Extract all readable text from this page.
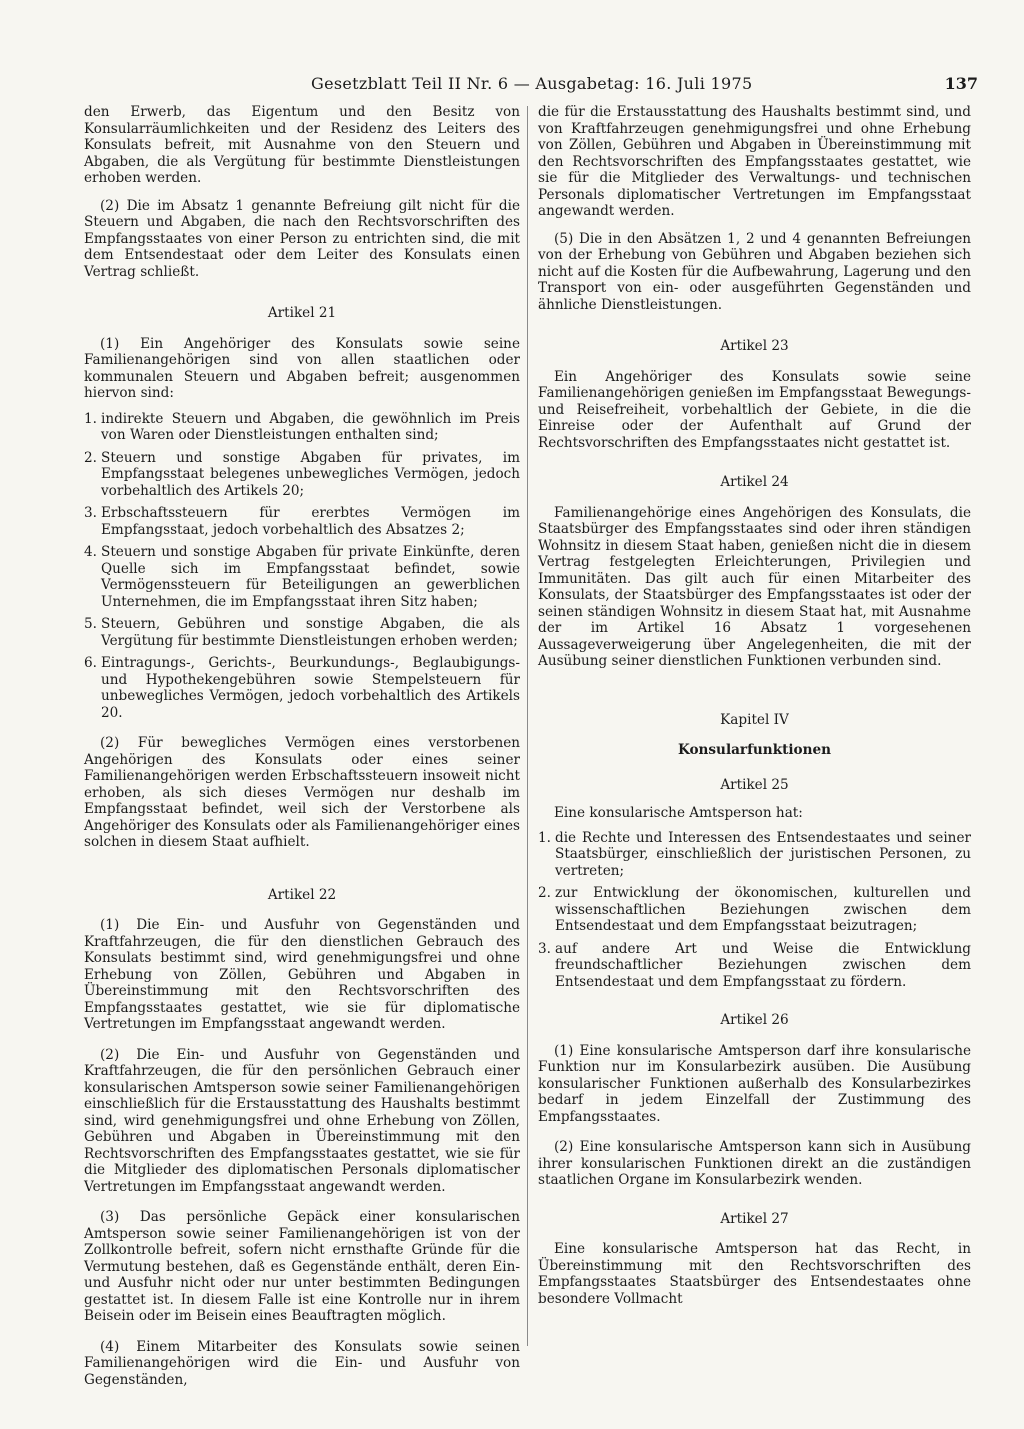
Gesetzblatt Teil II Nr. 6 — Ausgabetag: 16. Juli 1975	137

den Erwerb, das Eigentum und den Besitz von Konsularräumlichkeiten und der Residenz des Leiters des Konsulats befreit, mit Ausnahme von den Steuern und Abgaben, die als Vergütung für bestimmte Dienstleistungen erhoben werden.

(2) Die im Absatz 1 genannte Befreiung gilt nicht für die Steuern und Abgaben, die nach den Rechtsvorschriften des Empfangsstaates von einer Person zu entrichten sind, die mit dem Entsendestaat oder dem Leiter des Konsulats einen Vertrag schließt.

Artikel 21

(1) Ein Angehöriger des Konsulats sowie seine Familienangehörigen sind von allen staatlichen oder kommunalen Steuern und Abgaben befreit; ausgenommen hiervon sind:

1. indirekte Steuern und Abgaben, die gewöhnlich im Preis von Waren oder Dienstleistungen enthalten sind;
2. Steuern und sonstige Abgaben für privates, im Empfangsstaat belegenes unbewegliches Vermögen, jedoch vorbehaltlich des Artikels 20;
3. Erbschaftssteuern für ererbtes Vermögen im Empfangsstaat, jedoch vorbehaltlich des Absatzes 2;
4. Steuern und sonstige Abgaben für private Einkünfte, deren Quelle sich im Empfangsstaat befindet, sowie Vermögenssteuern für Beteiligungen an gewerblichen Unternehmen, die im Empfangsstaat ihren Sitz haben;
5. Steuern, Gebühren und sonstige Abgaben, die als Vergütung für bestimmte Dienstleistungen erhoben werden;
6. Eintragungs-, Gerichts-, Beurkundungs-, Beglaubigungs- und Hypothekengebühren sowie Stempelsteuern für unbewegliches Vermögen, jedoch vorbehaltlich des Artikels 20.

(2) Für bewegliches Vermögen eines verstorbenen Angehörigen des Konsulats oder eines seiner Familienangehörigen werden Erbschaftssteuern insoweit nicht erhoben, als sich dieses Vermögen nur deshalb im Empfangsstaat befindet, weil sich der Verstorbene als Angehöriger des Konsulats oder als Familienangehöriger eines solchen in diesem Staat aufhielt.

Artikel 22

(1) Die Ein- und Ausfuhr von Gegenständen und Kraftfahrzeugen, die für den dienstlichen Gebrauch des Konsulats bestimmt sind, wird genehmigungsfrei und ohne Erhebung von Zöllen, Gebühren und Abgaben in Übereinstimmung mit den Rechtsvorschriften des Empfangsstaates gestattet, wie sie für diplomatische Vertretungen im Empfangsstaat angewandt werden.

(2) Die Ein- und Ausfuhr von Gegenständen und Kraftfahrzeugen, die für den persönlichen Gebrauch einer konsularischen Amtsperson sowie seiner Familienangehörigen einschließlich für die Erstausstattung des Haushalts bestimmt sind, wird genehmigungsfrei und ohne Erhebung von Zöllen, Gebühren und Abgaben in Übereinstimmung mit den Rechtsvorschriften des Empfangsstaates gestattet, wie sie für die Mitglieder des diplomatischen Personals diplomatischer Vertretungen im Empfangsstaat angewandt werden.

(3) Das persönliche Gepäck einer konsularischen Amtsperson sowie seiner Familienangehörigen ist von der Zollkontrolle befreit, sofern nicht ernsthafte Gründe für die Vermutung bestehen, daß es Gegenstände enthält, deren Ein- und Ausfuhr nicht oder nur unter bestimmten Bedingungen gestattet ist. In diesem Falle ist eine Kontrolle nur in ihrem Beisein oder im Beisein eines Beauftragten möglich.

(4) Einem Mitarbeiter des Konsulats sowie seinen Familienangehörigen wird die Ein- und Ausfuhr von Gegenständen,

die für die Erstausstattung des Haushalts bestimmt sind, und von Kraftfahrzeugen genehmigungsfrei und ohne Erhebung von Zöllen, Gebühren und Abgaben in Übereinstimmung mit den Rechtsvorschriften des Empfangsstaates gestattet, wie sie für die Mitglieder des Verwaltungs- und technischen Personals diplomatischer Vertretungen im Empfangsstaat angewandt werden.

(5) Die in den Absätzen 1, 2 und 4 genannten Befreiungen von der Erhebung von Gebühren und Abgaben beziehen sich nicht auf die Kosten für die Aufbewahrung, Lagerung und den Transport von ein- oder ausgeführten Gegenständen und ähnliche Dienstleistungen.

Artikel 23

Ein Angehöriger des Konsulats sowie seine Familienangehörigen genießen im Empfangsstaat Bewegungs- und Reisefreiheit, vorbehaltlich der Gebiete, in die die Einreise oder der Aufenthalt auf Grund der Rechtsvorschriften des Empfangsstaates nicht gestattet ist.

Artikel 24

Familienangehörige eines Angehörigen des Konsulats, die Staatsbürger des Empfangsstaates sind oder ihren ständigen Wohnsitz in diesem Staat haben, genießen nicht die in diesem Vertrag festgelegten Erleichterungen, Privilegien und Immunitäten. Das gilt auch für einen Mitarbeiter des Konsulats, der Staatsbürger des Empfangsstaates ist oder der seinen ständigen Wohnsitz in diesem Staat hat, mit Ausnahme der im Artikel 16 Absatz 1 vorgesehenen Aussageverweigerung über Angelegenheiten, die mit der Ausübung seiner dienstlichen Funktionen verbunden sind.

Kapitel IV

Konsularfunktionen

Artikel 25

Eine konsularische Amtsperson hat:

1. die Rechte und Interessen des Entsendestaates und seiner Staatsbürger, einschließlich der juristischen Personen, zu vertreten;
2. zur Entwicklung der ökonomischen, kulturellen und wissenschaftlichen Beziehungen zwischen dem Entsendestaat und dem Empfangsstaat beizutragen;
3. auf andere Art und Weise die Entwicklung freundschaftlicher Beziehungen zwischen dem Entsendestaat und dem Empfangsstaat zu fördern.

Artikel 26

(1) Eine konsularische Amtsperson darf ihre konsularische Funktion nur im Konsularbezirk ausüben. Die Ausübung konsularischer Funktionen außerhalb des Konsularbezirkes bedarf in jedem Einzelfall der Zustimmung des Empfangsstaates.

(2) Eine konsularische Amtsperson kann sich in Ausübung ihrer konsularischen Funktionen direkt an die zuständigen staatlichen Organe im Konsularbezirk wenden.

Artikel 27

Eine konsularische Amtsperson hat das Recht, in Übereinstimmung mit den Rechtsvorschriften des Empfangsstaates Staatsbürger des Entsendestaates ohne besondere Vollmacht
